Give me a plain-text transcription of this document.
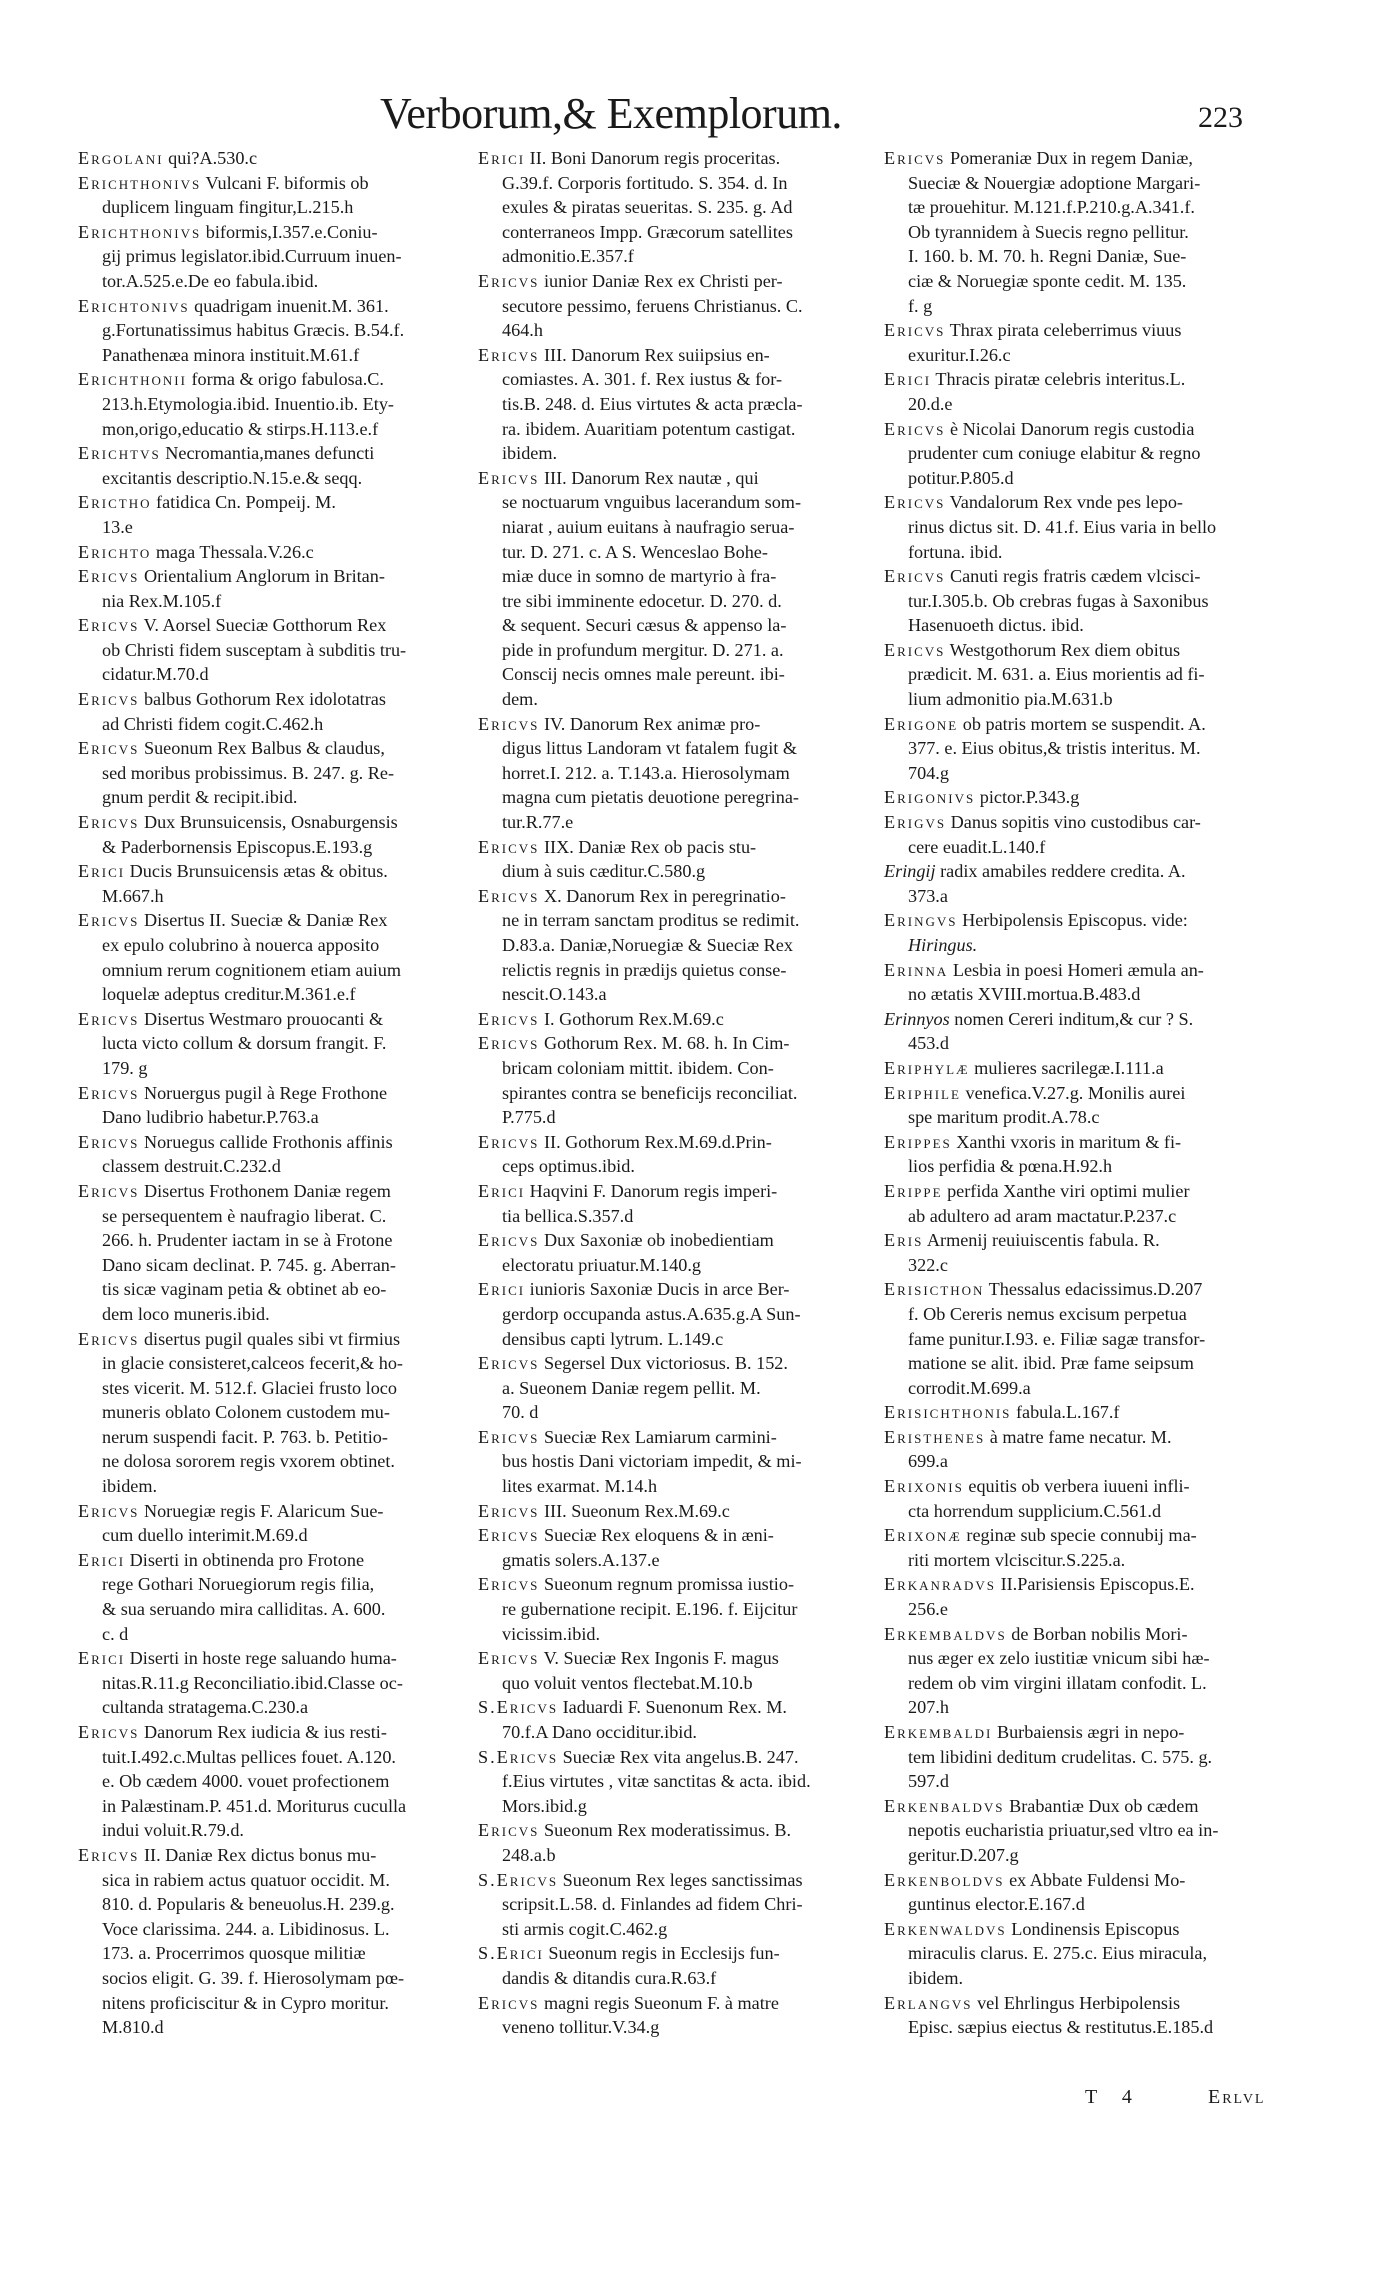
Verborum,& Exemplorum.	223
Ergolani qui?A.530.c
Erichthonivs Vulcani F. biformis ob
duplicem linguam fingitur,L.215.h
Erichthonivs biformis,I.357.e.Coniu-
gij primus legislator.ibid.Curruum inuen-
tor.A.525.e.De eo fabula.ibid.
Erichtonivs quadrigam inuenit.M. 361.
g.Fortunatissimus habitus Græcis. B.54.f.
Panathenæa minora instituit.M.61.f
Erichthonii forma & origo fabulosa.C.
213.h.Etymologia.ibid. Inuentio.ib. Ety-
mon,origo,educatio & stirps.H.113.e.f
Erichtvs Necromantia,manes defuncti
excitantis descriptio.N.15.e.& seqq.
Erictho fatidica Cn. Pompeij. M.
13.e
Erichto maga Thessala.V.26.c
Ericvs Orientalium Anglorum in Britan-
nia Rex.M.105.f
Ericvs V. Aorsel Sueciæ Gotthorum Rex
ob Christi fidem susceptam à subditis tru-
cidatur.M.70.d
Ericvs balbus Gothorum Rex idolotatras
ad Christi fidem cogit.C.462.h
Ericvs Sueonum Rex Balbus & claudus,
sed moribus probissimus. B. 247. g. Re-
gnum perdit & recipit.ibid.
Ericvs Dux Brunsuicensis, Osnaburgensis
& Paderbornensis Episcopus.E.193.g
Erici Ducis Brunsuicensis ætas & obitus.
M.667.h
Ericvs Disertus II. Sueciæ & Daniæ Rex
ex epulo colubrino à nouerca apposito
omnium rerum cognitionem etiam auium
loquelæ adeptus creditur.M.361.e.f
Ericvs Disertus Westmaro prouocanti &
lucta victo collum & dorsum frangit. F.
179. g
Ericvs Noruergus pugil à Rege Frothone
Dano ludibrio habetur.P.763.a
Ericvs Noruegus callide Frothonis affinis
classem destruit.C.232.d
Ericvs Disertus Frothonem Daniæ regem
se persequentem è naufragio liberat. C.
266. h. Prudenter iactam in se à Frotone
Dano sicam declinat. P. 745. g. Aberran-
tis sicæ vaginam petia & obtinet ab eo-
dem loco muneris.ibid.
Ericvs disertus pugil quales sibi vt firmius
in glacie consisteret,calceos fecerit,& ho-
stes vicerit. M. 512.f. Glaciei frusto loco
muneris oblato Colonem custodem mu-
nerum suspendi facit. P. 763. b. Petitio-
ne dolosa sororem regis vxorem obtinet.
ibidem.
Ericvs Noruegiæ regis F. Alaricum Sue-
cum duello interimit.M.69.d
Erici Diserti in obtinenda pro Frotone
rege Gothari Noruegiorum regis filia,
& sua seruando mira calliditas. A. 600.
c. d
Erici Diserti in hoste rege saluando huma-
nitas.R.11.g Reconciliatio.ibid.Classe oc-
cultanda stratagema.C.230.a
Ericvs Danorum Rex iudicia & ius resti-
tuit.I.492.c.Multas pellices fouet. A.120.
e. Ob cædem 4000. vouet profectionem
in Palæstinam.P. 451.d. Moriturus cuculla
indui voluit.R.79.d.
Ericvs II. Daniæ Rex dictus bonus mu-
sica in rabiem actus quatuor occidit. M.
810. d. Popularis & beneuolus.H. 239.g.
Voce clarissima. 244. a. Libidinosus. L.
173. a. Procerrimos quosque militiæ
socios eligit. G. 39. f. Hierosolymam pœ-
nitens proficiscitur & in Cypro moritur.
M.810.d
Erici II. Boni Danorum regis proceritas.
G.39.f. Corporis fortitudo. S. 354. d. In
exules & piratas seueritas. S. 235. g. Ad
conterraneos Impp. Græcorum satellites
admonitio.E.357.f
Ericvs iunior Daniæ Rex ex Christi per-
secutore pessimo, feruens Christianus. C.
464.h
Ericvs III. Danorum Rex suiipsius en-
comiastes. A. 301. f. Rex iustus & for-
tis.B. 248. d. Eius virtutes & acta præcla-
ra. ibidem. Auaritiam potentum castigat.
ibidem.
Ericvs III. Danorum Rex nautæ , qui
se noctuarum vnguibus lacerandum som-
niarat , auium euitans à naufragio serua-
tur. D. 271. c. A S. Wenceslao Bohe-
miæ duce in somno de martyrio à fra-
tre sibi imminente edocetur. D. 270. d.
& sequent. Securi cæsus & appenso la-
pide in profundum mergitur. D. 271. a.
Conscij necis omnes male pereunt. ibi-
dem.
Ericvs IV. Danorum Rex animæ pro-
digus littus Landoram vt fatalem fugit &
horret.I. 212. a. T.143.a. Hierosolymam
magna cum pietatis deuotione peregrina-
tur.R.77.e
Ericvs IIX. Daniæ Rex ob pacis stu-
dium à suis cæditur.C.580.g
Ericvs X. Danorum Rex in peregrinatio-
ne in terram sanctam proditus se redimit.
D.83.a. Daniæ,Noruegiæ & Sueciæ Rex
relictis regnis in prædijs quietus conse-
nescit.O.143.a
Ericvs I. Gothorum Rex.M.69.c
Ericvs Gothorum Rex. M. 68. h. In Cim-
bricam coloniam mittit. ibidem. Con-
spirantes contra se beneficijs reconciliat.
P.775.d
Ericvs II. Gothorum Rex.M.69.d.Prin-
ceps optimus.ibid.
Erici Haqvini F. Danorum regis imperi-
tia bellica.S.357.d
Ericvs Dux Saxoniæ ob inobedientiam
electoratu priuatur.M.140.g
Erici iunioris Saxoniæ Ducis in arce Ber-
gerdorp occupanda astus.A.635.g.A Sun-
densibus capti lytrum. L.149.c
Ericvs Segersel Dux victoriosus. B. 152.
a. Sueonem Daniæ regem pellit. M.
70. d
Ericvs Sueciæ Rex Lamiarum carmini-
bus hostis Dani victoriam impedit, & mi-
lites exarmat. M.14.h
Ericvs III. Sueonum Rex.M.69.c
Ericvs Sueciæ Rex eloquens & in æni-
gmatis solers.A.137.e
Ericvs Sueonum regnum promissa iustio-
re gubernatione recipit. E.196. f. Eijcitur
vicissim.ibid.
Ericvs V. Sueciæ Rex Ingonis F. magus
quo voluit ventos flectebat.M.10.b
S.Ericvs Iaduardi F. Suenonum Rex. M.
70.f.A Dano occiditur.ibid.
S.Ericvs Sueciæ Rex vita angelus.B. 247.
f.Eius virtutes , vitæ sanctitas & acta. ibid.
Mors.ibid.g
Ericvs Sueonum Rex moderatissimus. B.
248.a.b
S.Ericvs Sueonum Rex leges sanctissimas
scripsit.L.58. d. Finlandes ad fidem Chri-
sti armis cogit.C.462.g
S.Erici Sueonum regis in Ecclesijs fun-
dandis & ditandis cura.R.63.f
Ericvs magni regis Sueonum F. à matre
veneno tollitur.V.34.g
Ericvs Pomeraniæ Dux in regem Daniæ,
Sueciæ & Nouergiæ adoptione Margari-
tæ prouehitur. M.121.f.P.210.g.A.341.f.
Ob tyrannidem à Suecis regno pellitur.
I. 160. b. M. 70. h. Regni Daniæ, Sue-
ciæ & Noruegiæ sponte cedit. M. 135.
f. g
Ericvs Thrax pirata celeberrimus viuus
exuritur.I.26.c
Erici Thracis piratæ celebris interitus.L.
20.d.e
Ericvs è Nicolai Danorum regis custodia
prudenter cum coniuge elabitur & regno
potitur.P.805.d
Ericvs Vandalorum Rex vnde pes lepo-
rinus dictus sit. D. 41.f. Eius varia in bello
fortuna. ibid.
Ericvs Canuti regis fratris cædem vlcisci-
tur.I.305.b. Ob crebras fugas à Saxonibus
Hasenuoeth dictus. ibid.
Ericvs Westgothorum Rex diem obitus
prædicit. M. 631. a. Eius morientis ad fi-
lium admonitio pia.M.631.b
Erigone ob patris mortem se suspendit. A.
377. e. Eius obitus,& tristis interitus. M.
704.g
Erigonivs pictor.P.343.g
Erigvs Danus sopitis vino custodibus car-
cere euadit.L.140.f
Eringij radix amabiles reddere credita. A.
373.a
Eringvs Herbipolensis Episcopus. vide:
Hiringus.
Erinna Lesbia in poesi Homeri æmula an-
no ætatis XVIII.mortua.B.483.d
Erinnyos nomen Cereri inditum,& cur ? S.
453.d
Eriphylæ mulieres sacrilegæ.I.111.a
Eriphile venefica.V.27.g. Monilis aurei
spe maritum prodit.A.78.c
Erippes Xanthi vxoris in maritum & fi-
lios perfidia & pœna.H.92.h
Erippe perfida Xanthe viri optimi mulier
ab adultero ad aram mactatur.P.237.c
Eris Armenij reuiuiscentis fabula. R.
322.c
Erisicthon Thessalus edacissimus.D.207
f. Ob Cereris nemus excisum perpetua
fame punitur.I.93. e. Filiæ sagæ transfor-
matione se alit. ibid. Præ fame seipsum
corrodit.M.699.a
Erisichthonis fabula.L.167.f
Eristhenes à matre fame necatur. M.
699.a
Erixonis equitis ob verbera iuueni infli-
cta horrendum supplicium.C.561.d
Erixonæ reginæ sub specie connubij ma-
riti mortem vlciscitur.S.225.a.
Erkanradvs II.Parisiensis Episcopus.E.
256.e
Erkembaldvs de Borban nobilis Mori-
nus æger ex zelo iustitiæ vnicum sibi hæ-
redem ob vim virgini illatam confodit. L.
207.h
Erkembaldi Burbaiensis ægri in nepo-
tem libidini deditum crudelitas. C. 575. g.
597.d
Erkenbaldvs Brabantiæ Dux ob cædem
nepotis eucharistia priuatur,sed vltro ea in-
geritur.D.207.g
Erkenboldvs ex Abbate Fuldensi Mo-
guntinus elector.E.167.d
Erkenwaldvs Londinensis Episcopus
miraculis clarus. E. 275.c. Eius miracula,
ibidem.
Erlangvs vel Ehrlingus Herbipolensis
Episc. sæpius eiectus & restitutus.E.185.d
T 4	Erlvl
